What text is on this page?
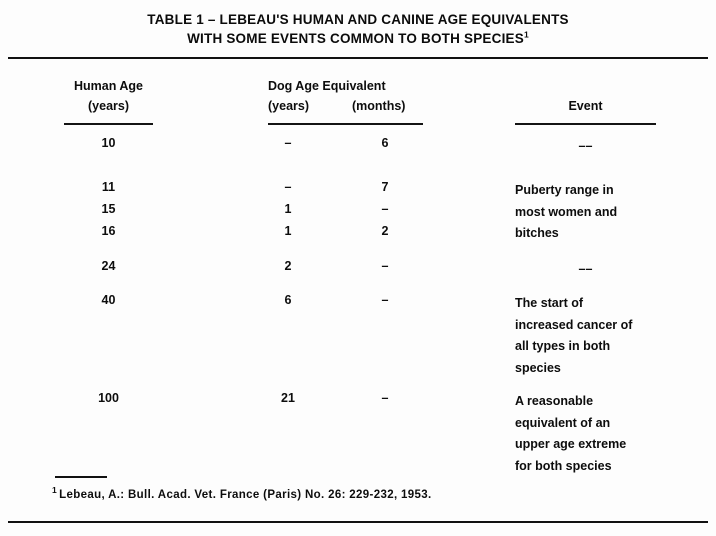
TABLE 1 – LEBEAU'S HUMAN AND CANINE AGE EQUIVALENTS
WITH SOME EVENTS COMMON TO BOTH SPECIES$^1$
Human Age
(years)
Dog Age Equivalent
(years)	(months)	Event
10	–	6	––
11	–	7	Puberty range in
most women and
bitches
15	1	–
16	1	2
24	2	–	––
40	6	–	The start of
increased cancer of
all types in both
species
100	21	–	A reasonable
equivalent of an
upper age extreme
for both species
$^1$ Lebeau, A.: Bull. Acad. Vet. France (Paris) No. 26: 229-232, 1953.
